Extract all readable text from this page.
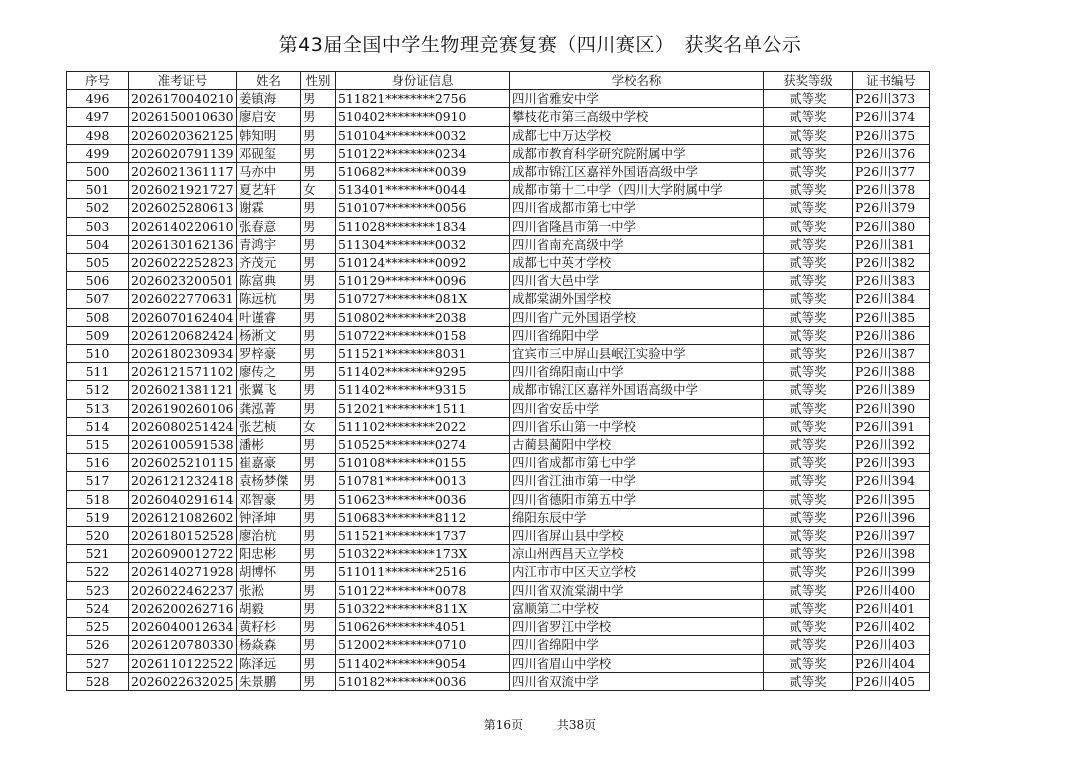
第43届全国中学生物理竞赛复赛（四川赛区）　获奖名单公示
序号	准考证号	姓名	性别	身份证信息	学校名称	获奖等级	证书编号
496	2026170040210	姜镇海	男	511821********2756	四川省雅安中学	贰等奖	P26川373
497	2026150010630	廖启安	男	510402********0910	攀枝花市第三高级中学校	贰等奖	P26川374
498	2026020362125	韩知明	男	510104********0032	成都七中万达学校	贰等奖	P26川375
499	2026020791139	邓砚玺	男	510122********0234	成都市教育科学研究院附属中学	贰等奖	P26川376
500	2026021361117	马亦中	男	510682********0039	成都市锦江区嘉祥外国语高级中学	贰等奖	P26川377
501	2026021921727	夏艺轩	女	513401********0044	成都市第十二中学（四川大学附属中学	贰等奖	P26川378
502	2026025280613	谢霖	男	510107********0056	四川省成都市第七中学	贰等奖	P26川379
503	2026140220610	张春意	男	511028********1834	四川省隆昌市第一中学	贰等奖	P26川380
504	2026130162136	青鸿宇	男	511304********0032	四川省南充高级中学	贰等奖	P26川381
505	2026022252823	齐茂元	男	510124********0092	成都七中英才学校	贰等奖	P26川382
506	2026023200501	陈富典	男	510129********0096	四川省大邑中学	贰等奖	P26川383
507	2026022770631	陈远杭	男	510727********081X	成都棠湖外国学校	贰等奖	P26川384
508	2026070162404	叶谨睿	男	510802********2038	四川省广元外国语学校	贰等奖	P26川385
509	2026120682424	杨淅文	男	510722********0158	四川省绵阳中学	贰等奖	P26川386
510	2026180230934	罗梓豪	男	511521********8031	宜宾市三中屏山县岷江实验中学	贰等奖	P26川387
511	2026121571102	廖传之	男	511402********9295	四川省绵阳南山中学	贰等奖	P26川388
512	2026021381121	张翼飞	男	511402********9315	成都市锦江区嘉祥外国语高级中学	贰等奖	P26川389
513	2026190260106	龚泓菁	男	512021********1511	四川省安岳中学	贰等奖	P26川390
514	2026080251424	张艺桢	女	511102********2022	四川省乐山第一中学校	贰等奖	P26川391
515	2026100591538	潘彬	男	510525********0274	古蔺县蔺阳中学校	贰等奖	P26川392
516	2026025210115	崔嘉豪	男	510108********0155	四川省成都市第七中学	贰等奖	P26川393
517	2026121232418	袁杨梦傑	男	510781********0013	四川省江油市第一中学	贰等奖	P26川394
518	2026040291614	邓智豪	男	510623********0036	四川省德阳市第五中学	贰等奖	P26川395
519	2026121082602	钟泽坤	男	510683********8112	绵阳东辰中学	贰等奖	P26川396
520	2026180152528	廖治杭	男	511521********1737	四川省屏山县中学校	贰等奖	P26川397
521	2026090012722	阳忠彬	男	510322********173X	凉山州西昌天立学校	贰等奖	P26川398
522	2026140271928	胡博怀	男	511011********2516	内江市市中区天立学校	贰等奖	P26川399
523	2026022462237	张淞	男	510122********0078	四川省双流棠湖中学	贰等奖	P26川400
524	2026200262716	胡毅	男	510322********811X	富顺第二中学校	贰等奖	P26川401
525	2026040012634	黄籽杉	男	510626********4051	四川省罗江中学校	贰等奖	P26川402
526	2026120780330	杨焱森	男	512002********0710	四川省绵阳中学	贰等奖	P26川403
527	2026110122522	陈泽远	男	511402********9054	四川省眉山中学校	贰等奖	P26川404
528	2026022632025	朱景鹏	男	510182********0036	四川省双流中学	贰等奖	P26川405
第16页	共38页
